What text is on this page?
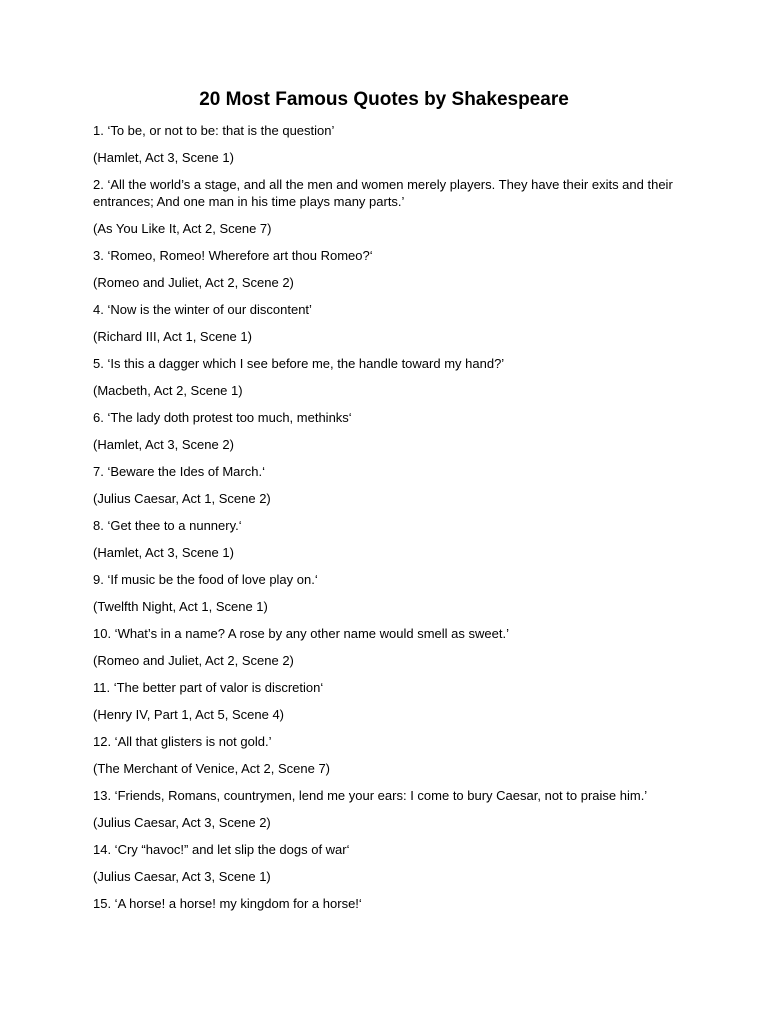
20 Most Famous Quotes by Shakespeare

1. ‘To be, or not to be: that is the question’

(Hamlet, Act 3, Scene 1)

2. ‘All the world’s a stage, and all the men and women merely players. They have their exits and their entrances; And one man in his time plays many parts.’

(As You Like It, Act 2, Scene 7)

3. ‘Romeo, Romeo! Wherefore art thou Romeo?‘

(Romeo and Juliet, Act 2, Scene 2)

4. ‘Now is the winter of our discontent’

(Richard III, Act 1, Scene 1)

5. ‘Is this a dagger which I see before me, the handle toward my hand?’

(Macbeth, Act 2, Scene 1)

6. ‘The lady doth protest too much, methinks‘

(Hamlet, Act 3, Scene 2)

7. ‘Beware the Ides of March.‘

(Julius Caesar, Act 1, Scene 2)

8. ‘Get thee to a nunnery.‘

(Hamlet, Act 3, Scene 1)

9. ‘If music be the food of love play on.‘

(Twelfth Night, Act 1, Scene 1)

10. ‘What’s in a name? A rose by any other name would smell as sweet.’

(Romeo and Juliet, Act 2, Scene 2)

11. ‘The better part of valor is discretion‘

(Henry IV, Part 1, Act 5, Scene 4)

12. ‘All that glisters is not gold.’

(The Merchant of Venice, Act 2, Scene 7)

13. ‘Friends, Romans, countrymen, lend me your ears: I come to bury Caesar, not to praise him.’

(Julius Caesar, Act 3, Scene 2)

14. ‘Cry “havoc!” and let slip the dogs of war‘

(Julius Caesar, Act 3, Scene 1)

15. ‘A horse! a horse! my kingdom for a horse!‘
